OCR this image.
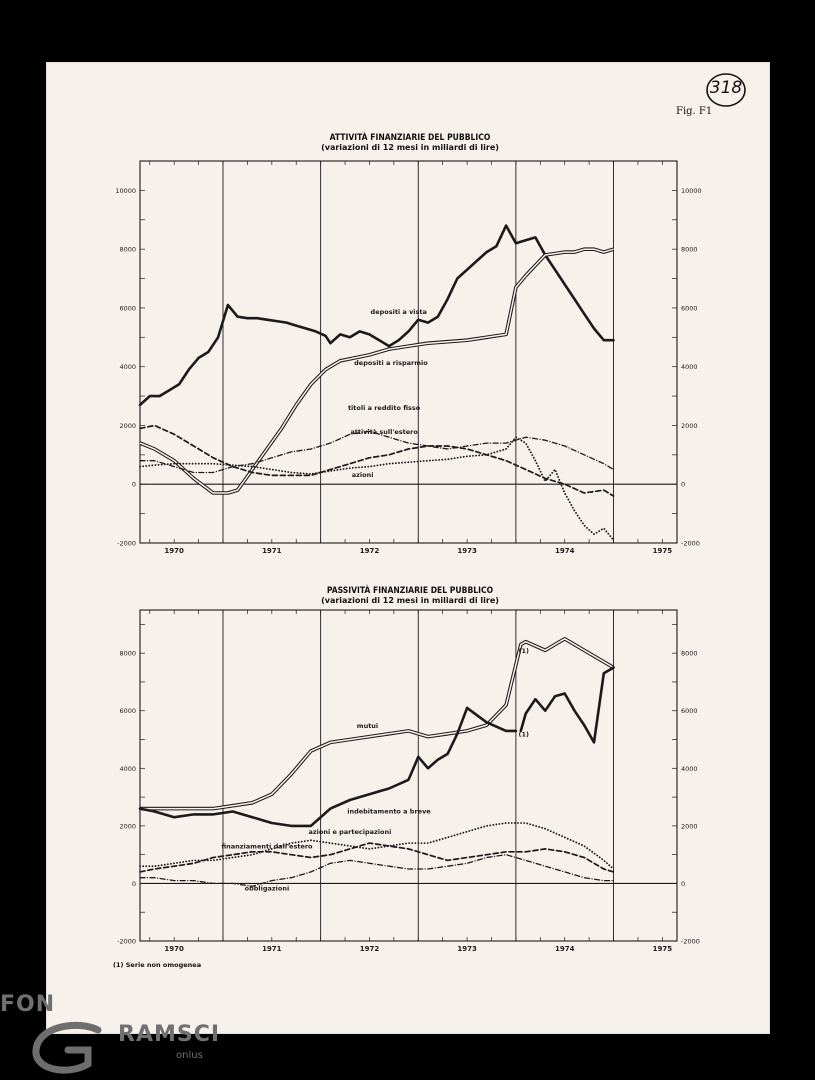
318
Fig. F1
ATTIVITÀ FINANZIARIE DEL PUBBLICO
(variazioni di 12 mesi in miliardi di lire)
PASSIVITÀ FINANZIARIE DEL PUBBLICO
(variazioni di 12 mesi in miliardi di lire)
1970	1971	1972	1973	1974	1975
-2000	-2000
0	0
2000	2000
4000	4000
6000	6000
8000	8000
10000	10000
depositi a vista
depositi a risparmio
titoli a reddito fisso
attività sull'estero
azioni
1970	1971	1972	1973	1974	1975
-2000	-2000
0	0
2000	2000
4000	4000
6000	6000
8000	8000
mutui
indebitamento a breve
azioni e partecipazioni
finanziamenti dall'estero
obbligazioni
(1)
(1)
(1) Serie non omogenea
FON
RAMSCI
onlus
